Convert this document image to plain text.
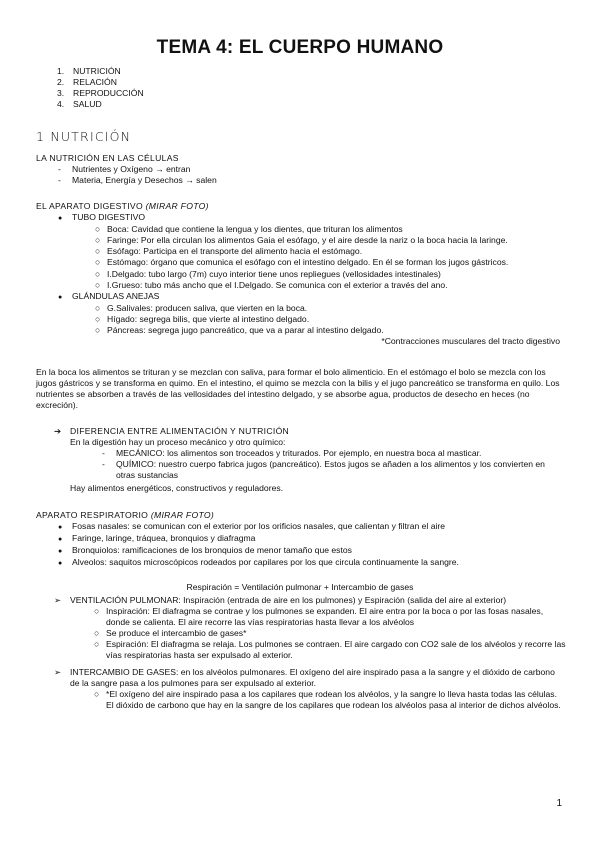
TEMA 4: EL CUERPO HUMANO
1. NUTRICIÓN
2. RELACIÓN
3. REPRODUCCIÓN
4. SALUD
1 NUTRICIÓN
LA NUTRICIÓN EN LAS CÉLULAS
- Nutrientes y Oxígeno → entran
- Materia, Energía y Desechos → salen
EL APARATO DIGESTIVO (MIRAR FOTO)
● TUBO DIGESTIVO
○ Boca: Cavidad que contiene la lengua y los dientes, que trituran los alimentos
○ Faringe: Por ella circulan los alimentos Gaia el esófago, y el aire desde la nariz o la boca hacia la laringe.
○ Esófago: Participa en el transporte del alimento hacia el estómago.
○ Estómago: órgano que comunica el esófago con el intestino delgado. En él se forman los jugos gástricos.
○ I.Delgado: tubo largo (7m) cuyo interior tiene unos repliegues (vellosidades intestinales)
○ I.Grueso: tubo más ancho que el I.Delgado. Se comunica con el exterior a través del ano.
● GLÁNDULAS ANEJAS
○ G.Salivales: producen saliva, que vierten en la boca.
○ Hígado: segrega bilis, que vierte al intestino delgado.
○ Páncreas: segrega jugo pancreático, que va a parar al intestino delgado.
*Contracciones musculares del tracto digestivo
En la boca los alimentos se trituran y se mezclan con saliva, para formar el bolo alimenticio. En el estómago el bolo se mezcla con los jugos gástricos y se transforma en quimo. En el intestino, el quimo se mezcla con la bilis y el jugo pancreático se transforma en quilo. Los nutrientes se absorben a través de las vellosidades del intestino delgado, y se absorbe agua, productos de desecho en heces (no excreción).
➔ DIFERENCIA ENTRE ALIMENTACIÓN Y NUTRICIÓN
En la digestión hay un proceso mecánico y otro químico:
-	MECÁNICO: los alimentos son troceados y triturados. Por ejemplo, en nuestra boca al masticar.
-	QUÍMICO: nuestro cuerpo fabrica jugos (pancreático). Estos jugos se añaden a los alimentos y los convierten en otras sustancias
Hay alimentos energéticos, constructivos y reguladores.
APARATO RESPIRATORIO (MIRAR FOTO)
● Fosas nasales: se comunican con el exterior por los orificios nasales, que calientan y filtran el aire
● Faringe, laringe, tráquea, bronquios y diafragma
● Bronquiolos: ramificaciones de los bronquios de menor tamaño que estos
● Alveolos: saquitos microscópicos rodeados por capilares por los que circula continuamente la sangre.
Respiración = Ventilación pulmonar + Intercambio de gases
➢ VENTILACIÓN PULMONAR: Inspiración (entrada de aire en los pulmones) y Espiración (salida del aire al exterior)
○ Inspiración: El diafragma se contrae y los pulmones se expanden. El aire entra por la boca o por las fosas nasales, donde se calienta. El aire recorre las vías respiratorias hasta llevar a los alvéolos
○ Se produce el intercambio de gases*
○ Espiración: El diafragma se relaja. Los pulmones se contraen. El aire cargado con CO2 sale de los alvéolos y recorre las vías respiratorias hasta ser expulsado al exterior.
➢	INTERCAMBIO DE GASES: en los alvéolos pulmonares. El oxígeno del aire inspirado pasa a la sangre y el dióxido de carbono de la sangre pasa a los pulmones para ser expulsado al exterior.
○ *El oxígeno del aire inspirado pasa a los capilares que rodean los alvéolos, y la sangre lo lleva hasta todas las células. El dióxido de carbono que hay en la sangre de los capilares que rodean los alvéolos pasa al interior de dichos alvéolos.
1
